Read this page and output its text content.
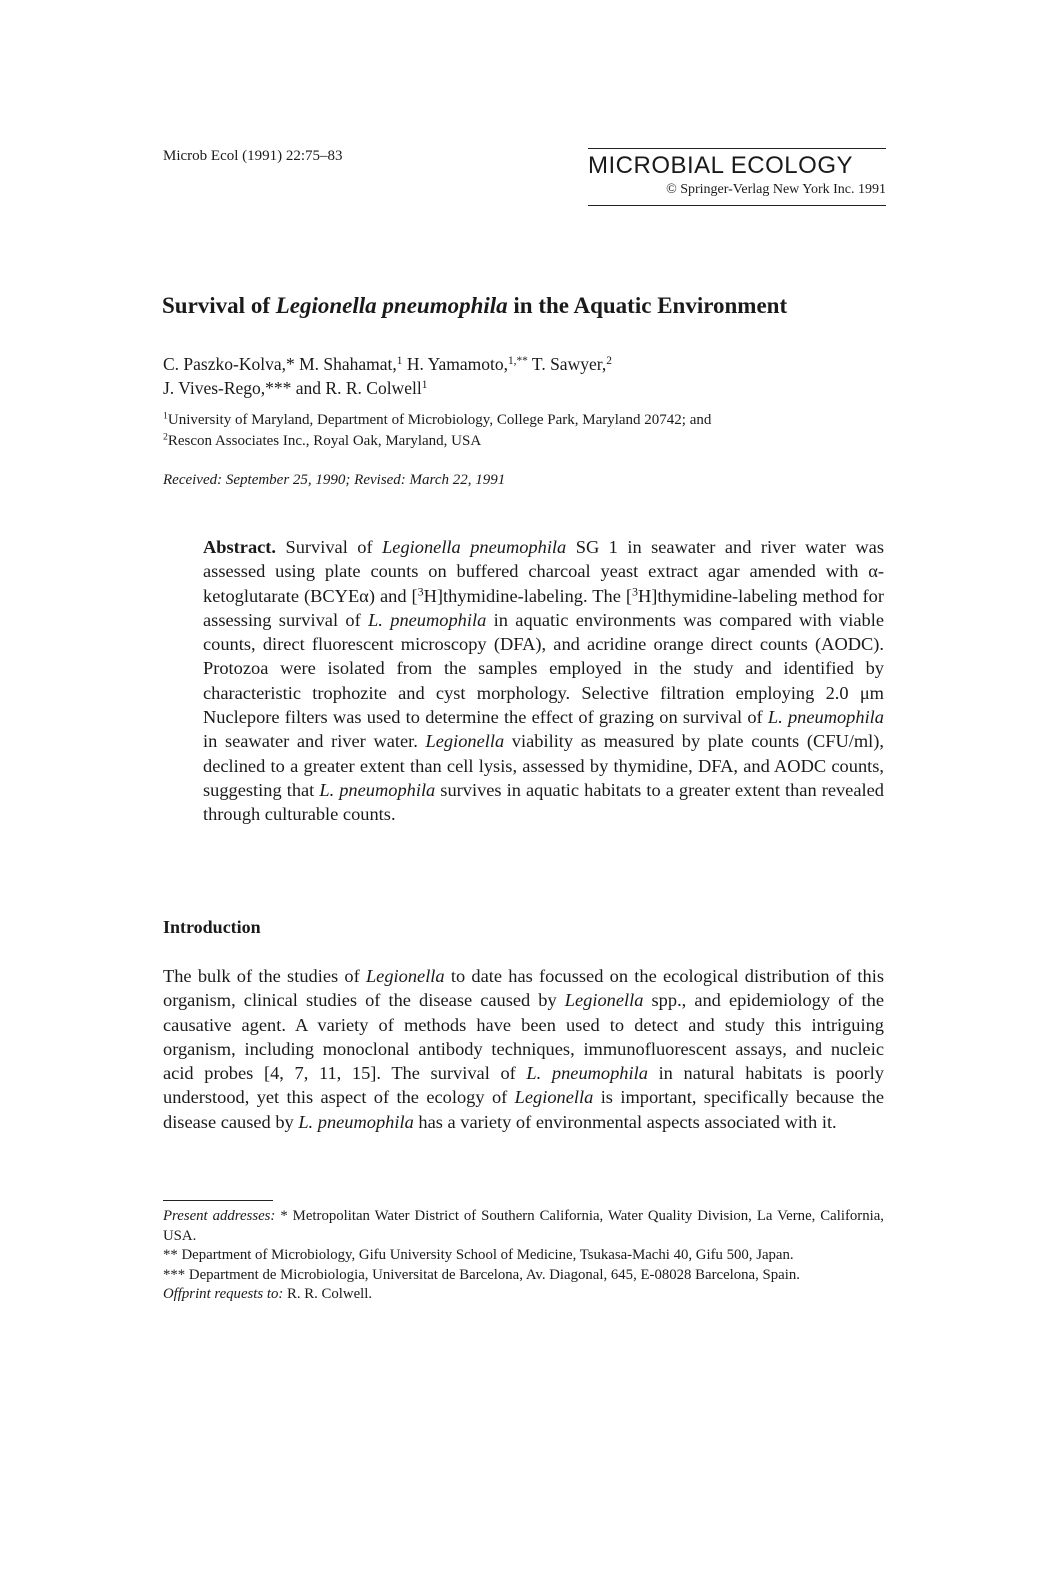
Microb Ecol (1991) 22:75–83	MICROBIAL ECOLOGY
© Springer-Verlag New York Inc. 1991
Survival of Legionella pneumophila in the Aquatic Environment
C. Paszko-Kolva,* M. Shahamat,$^1$ H. Yamamoto,$^{1,**}$ T. Sawyer,$^2$
J. Vives-Rego,*** and R. R. Colwell$^1$
$^1$University of Maryland, Department of Microbiology, College Park, Maryland 20742; and
$^2$Rescon Associates Inc., Royal Oak, Maryland, USA
Received: September 25, 1990; Revised: March 22, 1991
Abstract. Survival of Legionella pneumophila SG 1 in seawater and river water was assessed using plate counts on buffered charcoal yeast extract agar amended with α-ketoglutarate (BCYEα) and [$^3$H]thymidine-labeling. The [$^3$H]thymidine-labeling method for assessing survival of L. pneumophila in aquatic environments was compared with viable counts, direct fluorescent microscopy (DFA), and acridine orange direct counts (AODC). Protozoa were isolated from the samples employed in the study and identified by characteristic trophozite and cyst morphology. Selective filtration employing 2.0 μm Nuclepore filters was used to determine the effect of grazing on survival of L. pneumophila in seawater and river water. Legionella viability as measured by plate counts (CFU/ml), declined to a greater extent than cell lysis, assessed by thymidine, DFA, and AODC counts, suggesting that L. pneumophila survives in aquatic habitats to a greater extent than revealed through culturable counts.
Introduction
The bulk of the studies of Legionella to date has focussed on the ecological distribution of this organism, clinical studies of the disease caused by Legionella spp., and epidemiology of the causative agent. A variety of methods have been used to detect and study this intriguing organism, including monoclonal antibody techniques, immunofluorescent assays, and nucleic acid probes [4, 7, 11, 15]. The survival of L. pneumophila in natural habitats is poorly understood, yet this aspect of the ecology of Legionella is important, specifically because the disease caused by L. pneumophila has a variety of environmental aspects associated with it.

Present addresses: * Metropolitan Water District of Southern California, Water Quality Division, La Verne, California, USA.

** Department of Microbiology, Gifu University School of Medicine, Tsukasa-Machi 40, Gifu 500, Japan.

*** Department de Microbiologia, Universitat de Barcelona, Av. Diagonal, 645, E-08028 Barcelona, Spain.

Offprint requests to: R. R. Colwell.
